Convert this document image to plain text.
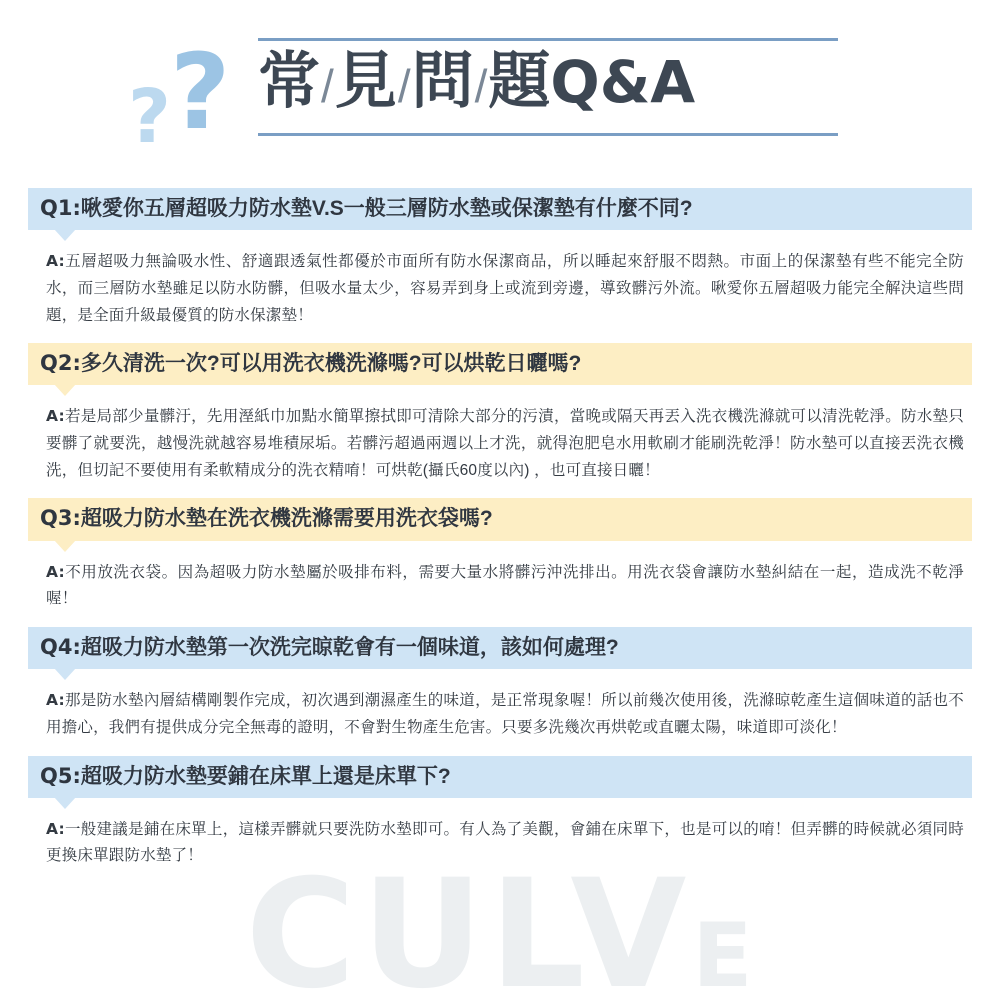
CULVE
? ? 常/見/問/題Q&A
Q1:啾愛你五層超吸力防水墊V.S一般三層防水墊或保潔墊有什麼不同?
A:五層超吸力無論吸水性、舒適跟透氣性都優於市面所有防水保潔商品，所以睡起來舒服不悶熱。市面上的保潔墊有些不能完全防水，而三層防水墊雖足以防水防髒，但吸水量太少，容易弄到身上或流到旁邊，導致髒污外流。啾愛你五層超吸力能完全解決這些問題，是全面升級最優質的防水保潔墊！
Q2:多久清洗一次?可以用洗衣機洗滌嗎?可以烘乾日曬嗎?
A:若是局部少量髒汙，先用溼紙巾加點水簡單擦拭即可清除大部分的污漬，當晚或隔天再丟入洗衣機洗滌就可以清洗乾淨。防水墊只要髒了就要洗，越慢洗就越容易堆積尿垢。若髒污超過兩週以上才洗，就得泡肥皂水用軟刷才能刷洗乾淨！防水墊可以直接丟洗衣機洗，但切記不要使用有柔軟精成分的洗衣精唷！可烘乾(攝氏60度以內) ，也可直接日曬！
Q3:超吸力防水墊在洗衣機洗滌需要用洗衣袋嗎?
A:不用放洗衣袋。因為超吸力防水墊屬於吸排布料，需要大量水將髒污沖洗排出。用洗衣袋會讓防水墊糾結在一起，造成洗不乾淨喔！
Q4:超吸力防水墊第一次洗完晾乾會有一個味道，該如何處理?
A:那是防水墊內層結構剛製作完成，初次遇到潮濕產生的味道，是正常現象喔！所以前幾次使用後，洗滌晾乾產生這個味道的話也不用擔心，我們有提供成分完全無毒的證明，不會對生物產生危害。只要多洗幾次再烘乾或直曬太陽，味道即可淡化！
Q5:超吸力防水墊要鋪在床單上還是床單下?
A:一般建議是鋪在床單上，這樣弄髒就只要洗防水墊即可。有人為了美觀，會鋪在床單下，也是可以的唷！但弄髒的時候就必須同時更換床單跟防水墊了！
